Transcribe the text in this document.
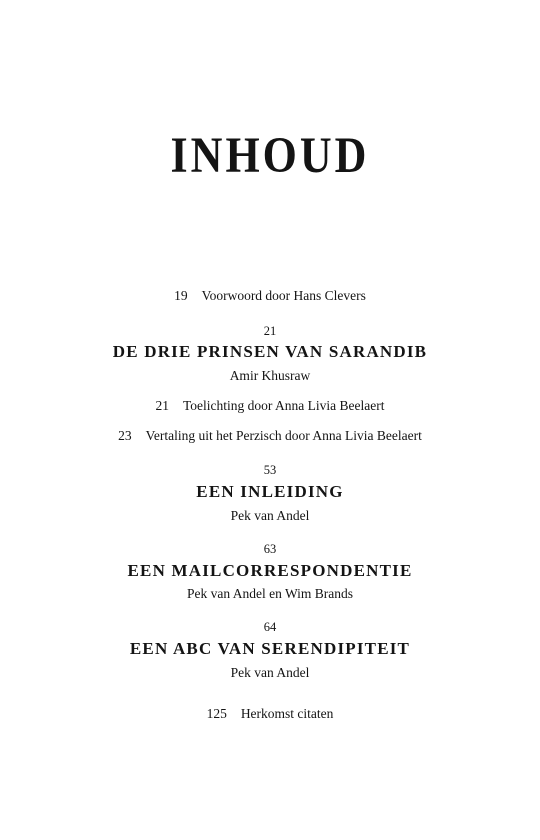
INHOUD
19 Voorwoord door Hans Clevers
21
DE DRIE PRINSEN VAN SARANDIB
Amir Khusraw
21 Toelichting door Anna Livia Beelaert
23 Vertaling uit het Perzisch door Anna Livia Beelaert
53
EEN INLEIDING
Pek van Andel
63
EEN MAILCORRESPONDENTIE
Pek van Andel en Wim Brands
64
EEN ABC VAN SERENDIPITEIT
Pek van Andel
125 Herkomst citaten
